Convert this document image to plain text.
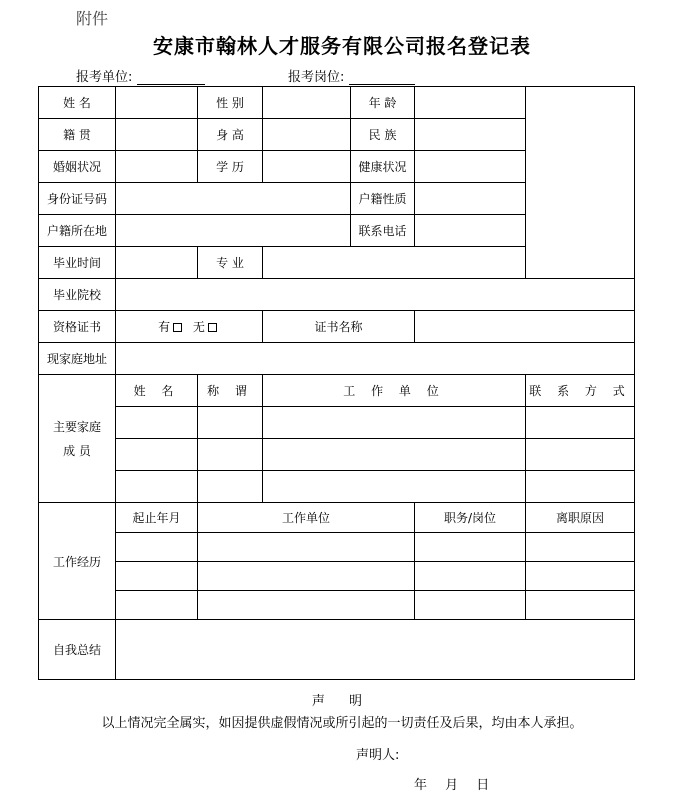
附件
安康市翰林人才服务有限公司报名登记表
报考单位:	报考岗位:
姓 名		性 别		年 龄		
籍 贯		身 高		民 族		
婚姻状况		学 历		健康状况		
身份证号码				户籍性质		
户籍所在地				联系电话		
毕业时间		专 业				
毕业院校						
资格证书	有 无		证书名称			
现家庭地址						

主要家庭
成 员	姓 名	称 谓	工 作 单 位			联 系 方 式

工作经历	起止年月	工作单位			职务/岗位	离职原因

自我总结						
声 明
以上情况完全属实，如因提供虚假情况或所引起的一切责任及后果，均由本人承担。
声明人:
年 月 日
